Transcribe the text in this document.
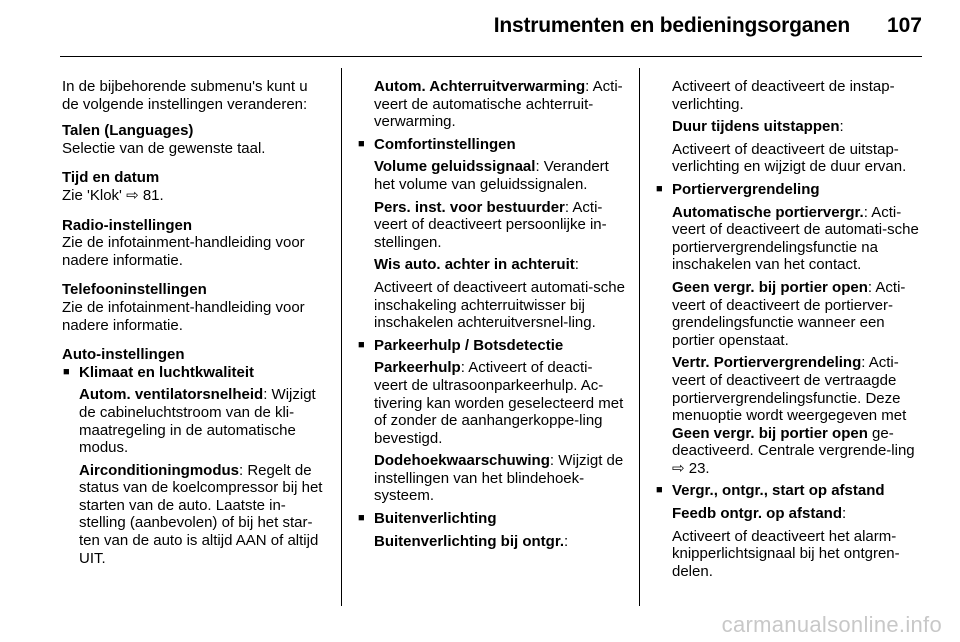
Instrumenten en bedieningsorganen 107

In de bijbehorende submenu's kunt u de volgende instellingen veranderen:

Talen (Languages)

Selectie van de gewenste taal.

Tijd en datum

Zie 'Klok' ⇨ 81.

Radio-instellingen

Zie de infotainment-handleiding voor nadere informatie.

Telefooninstellingen

Zie de infotainment-handleiding voor nadere informatie.

Auto-instellingen

■ Klimaat en luchtkwaliteit

Autom. ventilatorsnelheid: Wijzigt de cabineluchtstroom van de kli-maatregeling in de automatische modus.

Airconditioningmodus: Regelt de status van de koelcompressor bij het starten van de auto. Laatste in-stelling (aanbevolen) of bij het star-ten van de auto is altijd AAN of altijd UIT.

Autom. Achterruitverwarming: Acti-veert de automatische achterruit-verwarming.

■ Comfortinstellingen

Volume geluidssignaal: Verandert het volume van geluidssignalen.

Pers. inst. voor bestuurder: Acti-veert of deactiveert persoonlijke in-stellingen.

Wis auto. achter in achteruit:

Activeert of deactiveert automati-sche inschakeling achterruitwisser bij inschakelen achteruitversnel-ling.

■ Parkeerhulp / Botsdetectie

Parkeerhulp: Activeert of deacti-veert de ultrasoonparkeerhulp. Ac-tivering kan worden geselecteerd met of zonder de aanhangerkoppe-ling bevestigd.

Dodehoekwaarschuwing: Wijzigt de instellingen van het blindehoek-systeem.

■ Buitenverlichting

Buitenverlichting bij ontgr.:

Activeert of deactiveert de instap-verlichting.

Duur tijdens uitstappen:

Activeert of deactiveert de uitstap-verlichting en wijzigt de duur ervan.

■ Portiervergrendeling

Automatische portiervergr.: Acti-veert of deactiveert de automati-sche portiervergrendelingsfunctie na inschakelen van het contact.

Geen vergr. bij portier open: Acti-veert of deactiveert de portierver-grendelingsfunctie wanneer een portier openstaat.

Vertr. Portiervergrendeling: Acti-veert of deactiveert de vertraagde portiervergrendelingsfunctie. Deze menuoptie wordt weergegeven met Geen vergr. bij portier open ge-deactiveerd. Centrale vergrende-ling ⇨ 23.

■ Vergr., ontgr., start op afstand

Feedb ontgr. op afstand:

Activeert of deactiveert het alarm-knipperlichtsignaal bij het ontgren-delen.

carmanualsonline.info
